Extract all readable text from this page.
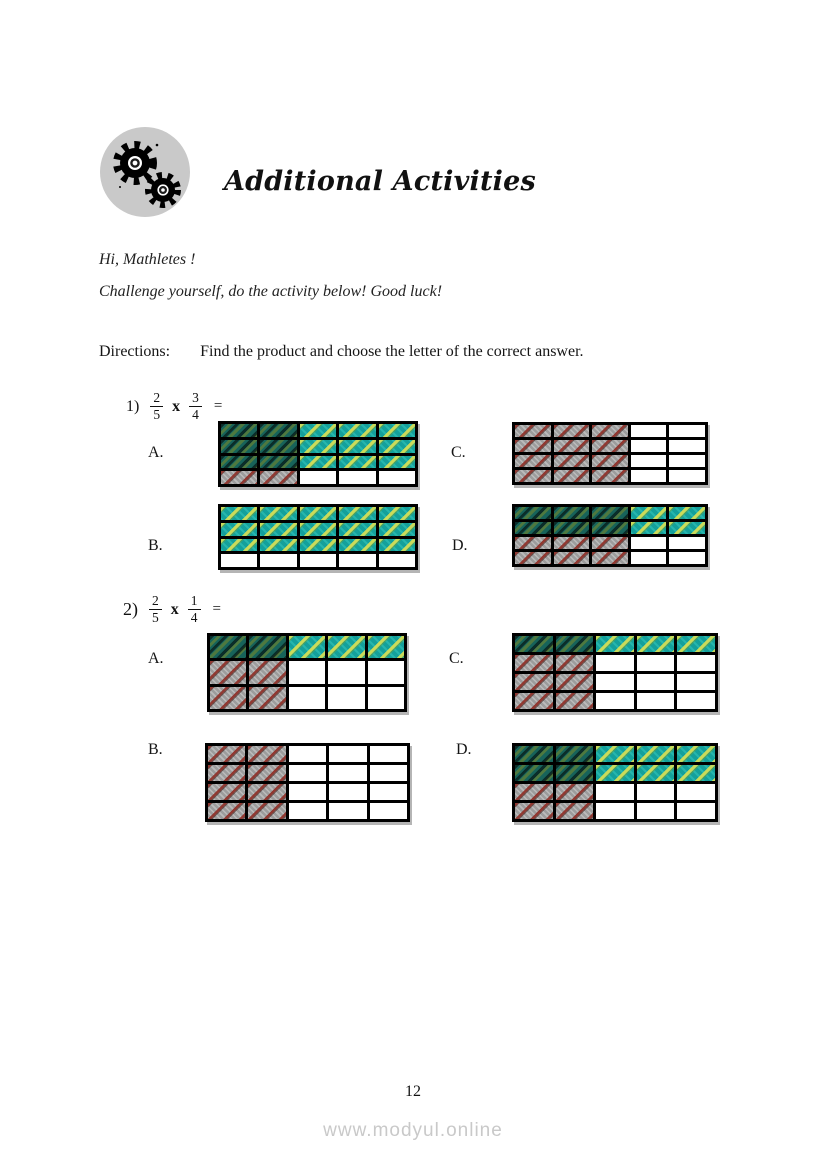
Additional Activities

Hi, Mathletes !

Challenge yourself, do the activity below! Good luck!

Directions: Find the product and choose the letter of the correct answer.

$1) \frac{2}{5}$ x $\frac{3}{4}$ =
A.	C.
B.	D.
$2) \frac{2}{5}$ x $\frac{1}{4}$ =
A.	C.
B.	D.
12
www.modyul.online
